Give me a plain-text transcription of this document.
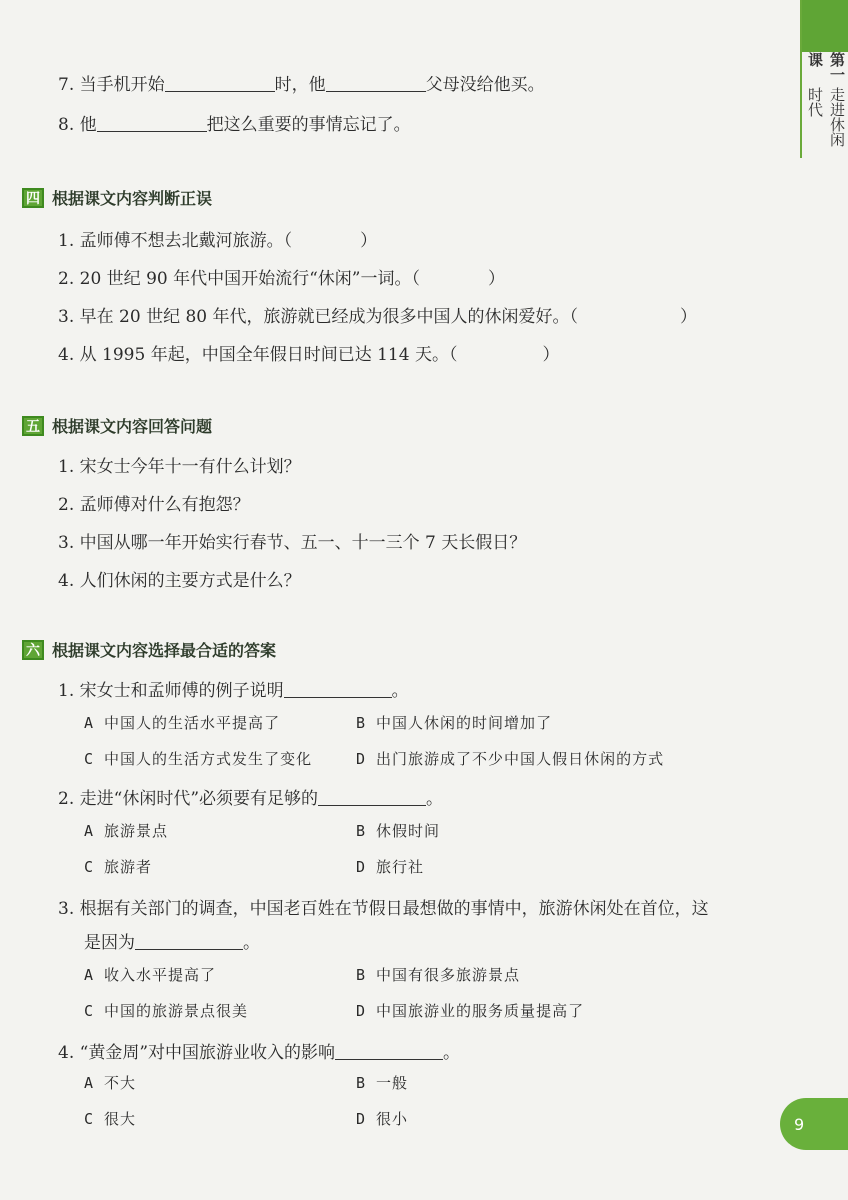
第一课
走进休闲时代
7. 当手机开始	时，他	父母没给他买。
8. 他	把这么重要的事情忘记了。
四 根据课文内容判断正误
1. 孟师傅不想去北戴河旅游。（　　　　）
2. 20 世纪 90 年代中国开始流行“休闲”一词。（　　　　）
3. 早在 20 世纪 80 年代，旅游就已经成为很多中国人的休闲爱好。（　　　　　　）
4. 从 1995 年起，中国全年假日时间已达 114 天。（　　　　　）
五 根据课文内容回答问题
1. 宋女士今年十一有什么计划？
2. 孟师傅对什么有抱怨？
3. 中国从哪一年开始实行春节、五一、十一三个 7 天长假日？
4. 人们休闲的主要方式是什么？
六 根据课文内容选择最合适的答案
1. 宋女士和孟师傅的例子说明	。
A 中国人的生活水平提高了	B 中国人休闲的时间增加了
C 中国人的生活方式发生了变化	D 出门旅游成了不少中国人假日休闲的方式
2. 走进“休闲时代”必须要有足够的	。
A 旅游景点	B 休假时间
C 旅游者	D 旅行社
3. 根据有关部门的调查，中国老百姓在节假日最想做的事情中，旅游休闲处在首位，这
是因为	。
A 收入水平提高了	B 中国有很多旅游景点
C 中国的旅游景点很美	D 中国旅游业的服务质量提高了
4. “黄金周”对中国旅游业收入的影响	。
A 不大	B 一般
C 很大	D 很小	9
